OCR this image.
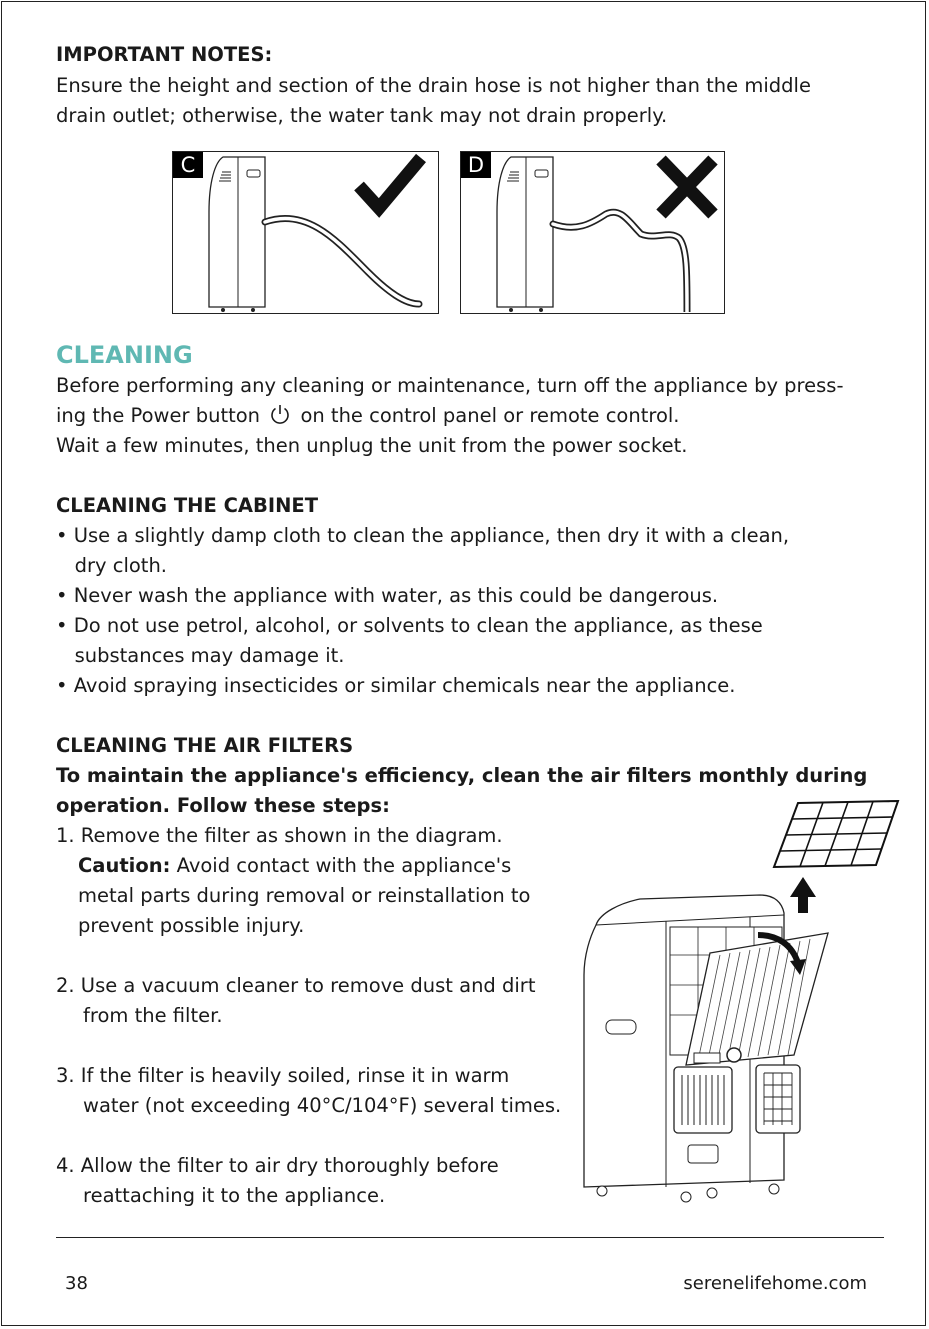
IMPORTANT NOTES:
Ensure the height and section of the drain hose is not higher than the middle
drain outlet; otherwise, the water tank may not drain properly.
C	D
CLEANING
Before performing any cleaning or maintenance, turn off the appliance by press-
ing the Power button on the control panel or remote control.
Wait a few minutes, then unplug the unit from the power socket.
CLEANING THE CABINET
• Use a slightly damp cloth to clean the appliance, then dry it with a clean,
dry cloth.
• Never wash the appliance with water, as this could be dangerous.
• Do not use petrol, alcohol, or solvents to clean the appliance, as these
substances may damage it.
• Avoid spraying insecticides or similar chemicals near the appliance.
CLEANING THE AIR FILTERS
To maintain the appliance's efficiency, clean the air filters monthly during
operation. Follow these steps:
1. Remove the filter as shown in the diagram.
Caution: Avoid contact with the appliance's
metal parts during removal or reinstallation to
prevent possible injury.
2. Use a vacuum cleaner to remove dust and dirt
from the filter.
3. If the filter is heavily soiled, rinse it in warm
water (not exceeding 40°C/104°F) several times.
4. Allow the filter to air dry thoroughly before
reattaching it to the appliance.
38	serenelifehome.com
